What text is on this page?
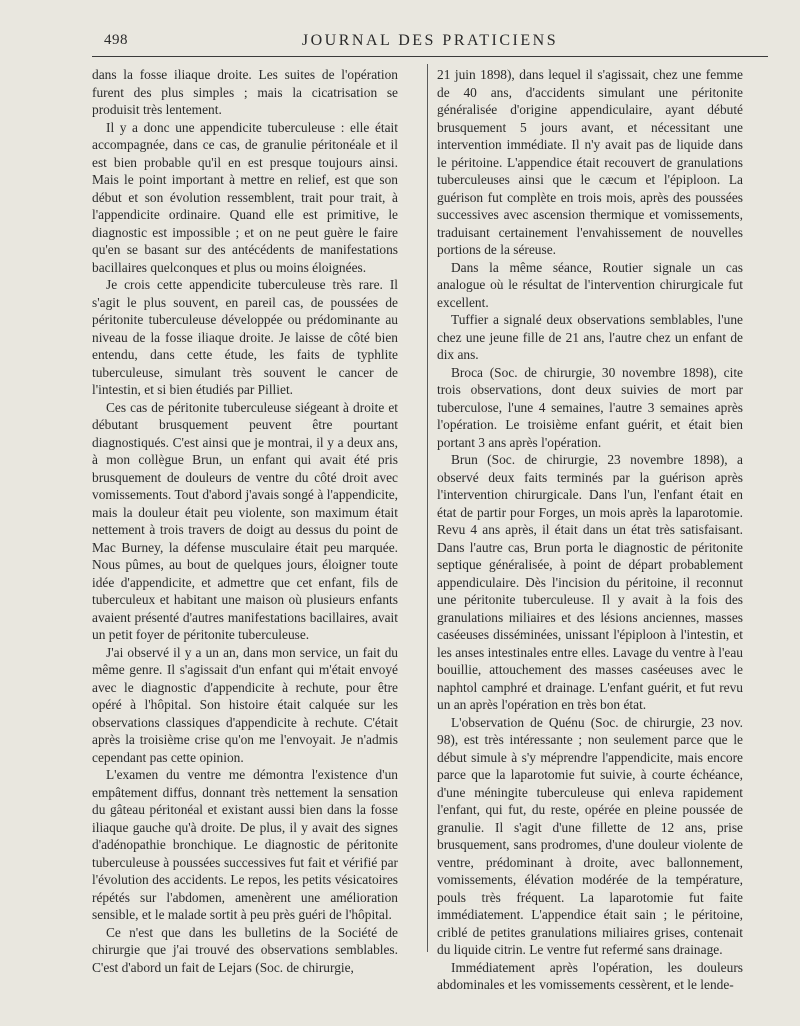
498	JOURNAL DES PRATICIENS

dans la fosse iliaque droite. Les suites de l'opération furent des plus simples ; mais la cicatrisation se produisit très lentement.

Il y a donc une appendicite tuberculeuse : elle était accompagnée, dans ce cas, de granulie péritonéale et il est bien probable qu'il en est presque toujours ainsi. Mais le point important à mettre en relief, est que son début et son évolution ressemblent, trait pour trait, à l'appendicite ordinaire. Quand elle est primitive, le diagnostic est impossible ; et on ne peut guère le faire qu'en se basant sur des antécédents de manifestations bacillaires quelconques et plus ou moins éloignées.

Je crois cette appendicite tuberculeuse très rare. Il s'agit le plus souvent, en pareil cas, de poussées de péritonite tuberculeuse développée ou prédominante au niveau de la fosse iliaque droite. Je laisse de côté bien entendu, dans cette étude, les faits de typhlite tuberculeuse, simulant très souvent le cancer de l'intestin, et si bien étudiés par Pilliet.

Ces cas de péritonite tuberculeuse siégeant à droite et débutant brusquement peuvent être pourtant diagnostiqués. C'est ainsi que je montrai, il y a deux ans, à mon collègue Brun, un enfant qui avait été pris brusquement de douleurs de ventre du côté droit avec vomissements. Tout d'abord j'avais songé à l'appendicite, mais la douleur était peu violente, son maximum était nettement à trois travers de doigt au dessus du point de Mac Burney, la défense musculaire était peu marquée. Nous pûmes, au bout de quelques jours, éloigner toute idée d'appendicite, et admettre que cet enfant, fils de tuberculeux et habitant une maison où plusieurs enfants avaient présenté d'autres manifestations bacillaires, avait un petit foyer de péritonite tuberculeuse.

J'ai observé il y a un an, dans mon service, un fait du même genre. Il s'agissait d'un enfant qui m'était envoyé avec le diagnostic d'appendicite à rechute, pour être opéré à l'hôpital. Son histoire était calquée sur les observations classiques d'appendicite à rechute. C'était après la troisième crise qu'on me l'envoyait. Je n'admis cependant pas cette opinion.

L'examen du ventre me démontra l'existence d'un empâtement diffus, donnant très nettement la sensation du gâteau péritonéal et existant aussi bien dans la fosse iliaque gauche qu'à droite. De plus, il y avait des signes d'adénopathie bronchique. Le diagnostic de péritonite tuberculeuse à poussées successives fut fait et vérifié par l'évolution des accidents. Le repos, les petits vésicatoires répétés sur l'abdomen, amenèrent une amélioration sensible, et le malade sortit à peu près guéri de l'hôpital.

Ce n'est que dans les bulletins de la Société de chirurgie que j'ai trouvé des observations semblables. C'est d'abord un fait de Lejars (Soc. de chirurgie,

21 juin 1898), dans lequel il s'agissait, chez une femme de 40 ans, d'accidents simulant une péritonite généralisée d'origine appendiculaire, ayant débuté brusquement 5 jours avant, et nécessitant une intervention immédiate. Il n'y avait pas de liquide dans le péritoine. L'appendice était recouvert de granulations tuberculeuses ainsi que le cæcum et l'épiploon. La guérison fut complète en trois mois, après des poussées successives avec ascension thermique et vomissements, traduisant certainement l'envahissement de nouvelles portions de la séreuse.

Dans la même séance, Routier signale un cas analogue où le résultat de l'intervention chirurgicale fut excellent.

Tuffier a signalé deux observations semblables, l'une chez une jeune fille de 21 ans, l'autre chez un enfant de dix ans.

Broca (Soc. de chirurgie, 30 novembre 1898), cite trois observations, dont deux suivies de mort par tuberculose, l'une 4 semaines, l'autre 3 semaines après l'opération. Le troisième enfant guérit, et était bien portant 3 ans après l'opération.

Brun (Soc. de chirurgie, 23 novembre 1898), a observé deux faits terminés par la guérison après l'intervention chirurgicale. Dans l'un, l'enfant était en état de partir pour Forges, un mois après la laparotomie. Revu 4 ans après, il était dans un état très satisfaisant. Dans l'autre cas, Brun porta le diagnostic de péritonite septique généralisée, à point de départ probablement appendiculaire. Dès l'incision du péritoine, il reconnut une péritonite tuberculeuse. Il y avait à la fois des granulations miliaires et des lésions anciennes, masses caséeuses disséminées, unissant l'épiploon à l'intestin, et les anses intestinales entre elles. Lavage du ventre à l'eau bouillie, attouchement des masses caséeuses avec le naphtol camphré et drainage. L'enfant guérit, et fut revu un an après l'opération en très bon état.

L'observation de Quénu (Soc. de chirurgie, 23 nov. 98), est très intéressante ; non seulement parce que le début simule à s'y méprendre l'appendicite, mais encore parce que la laparotomie fut suivie, à courte échéance, d'une méningite tuberculeuse qui enleva rapidement l'enfant, qui fut, du reste, opérée en pleine poussée de granulie. Il s'agit d'une fillette de 12 ans, prise brusquement, sans prodromes, d'une douleur violente de ventre, prédominant à droite, avec ballonnement, vomissements, élévation modérée de la température, pouls très fréquent. La laparotomie fut faite immédiatement. L'appendice était sain ; le péritoine, criblé de petites granulations miliaires grises, contenait du liquide citrin. Le ventre fut refermé sans drainage.

Immédiatement après l'opération, les douleurs abdominales et les vomissements cessèrent, et le lende-
